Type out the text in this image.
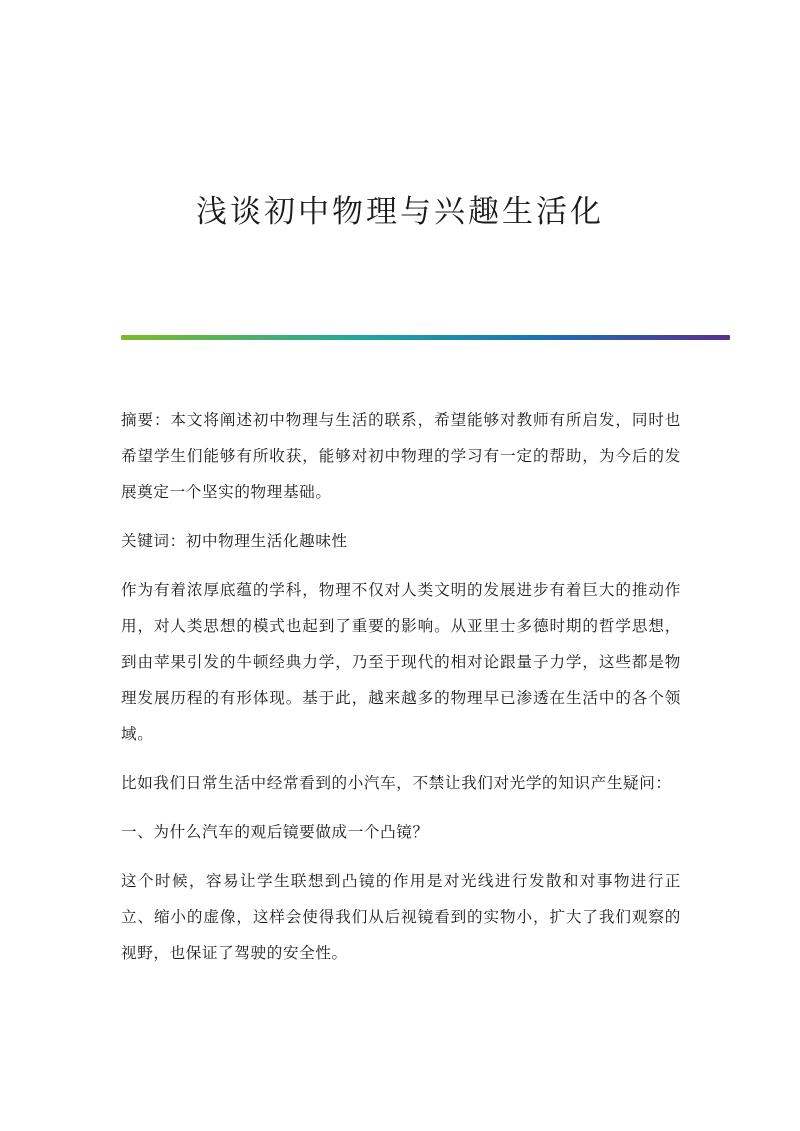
浅谈初中物理与兴趣生活化

摘要：本文将阐述初中物理与生活的联系，希望能够对教师有所启发，同时也希望学生们能够有所收获，能够对初中物理的学习有一定的帮助，为今后的发展奠定一个坚实的物理基础。

关键词：初中物理生活化趣味性

作为有着浓厚底蕴的学科，物理不仅对人类文明的发展进步有着巨大的推动作用，对人类思想的模式也起到了重要的影响。从亚里士多德时期的哲学思想，到由苹果引发的牛顿经典力学，乃至于现代的相对论跟量子力学，这些都是物理发展历程的有形体现。基于此，越来越多的物理早已渗透在生活中的各个领域。

比如我们日常生活中经常看到的小汽车，不禁让我们对光学的知识产生疑问：

一、为什么汽车的观后镜要做成一个凸镜？

这个时候，容易让学生联想到凸镜的作用是对光线进行发散和对事物进行正立、缩小的虚像，这样会使得我们从后视镜看到的实物小，扩大了我们观察的视野，也保证了驾驶的安全性。
